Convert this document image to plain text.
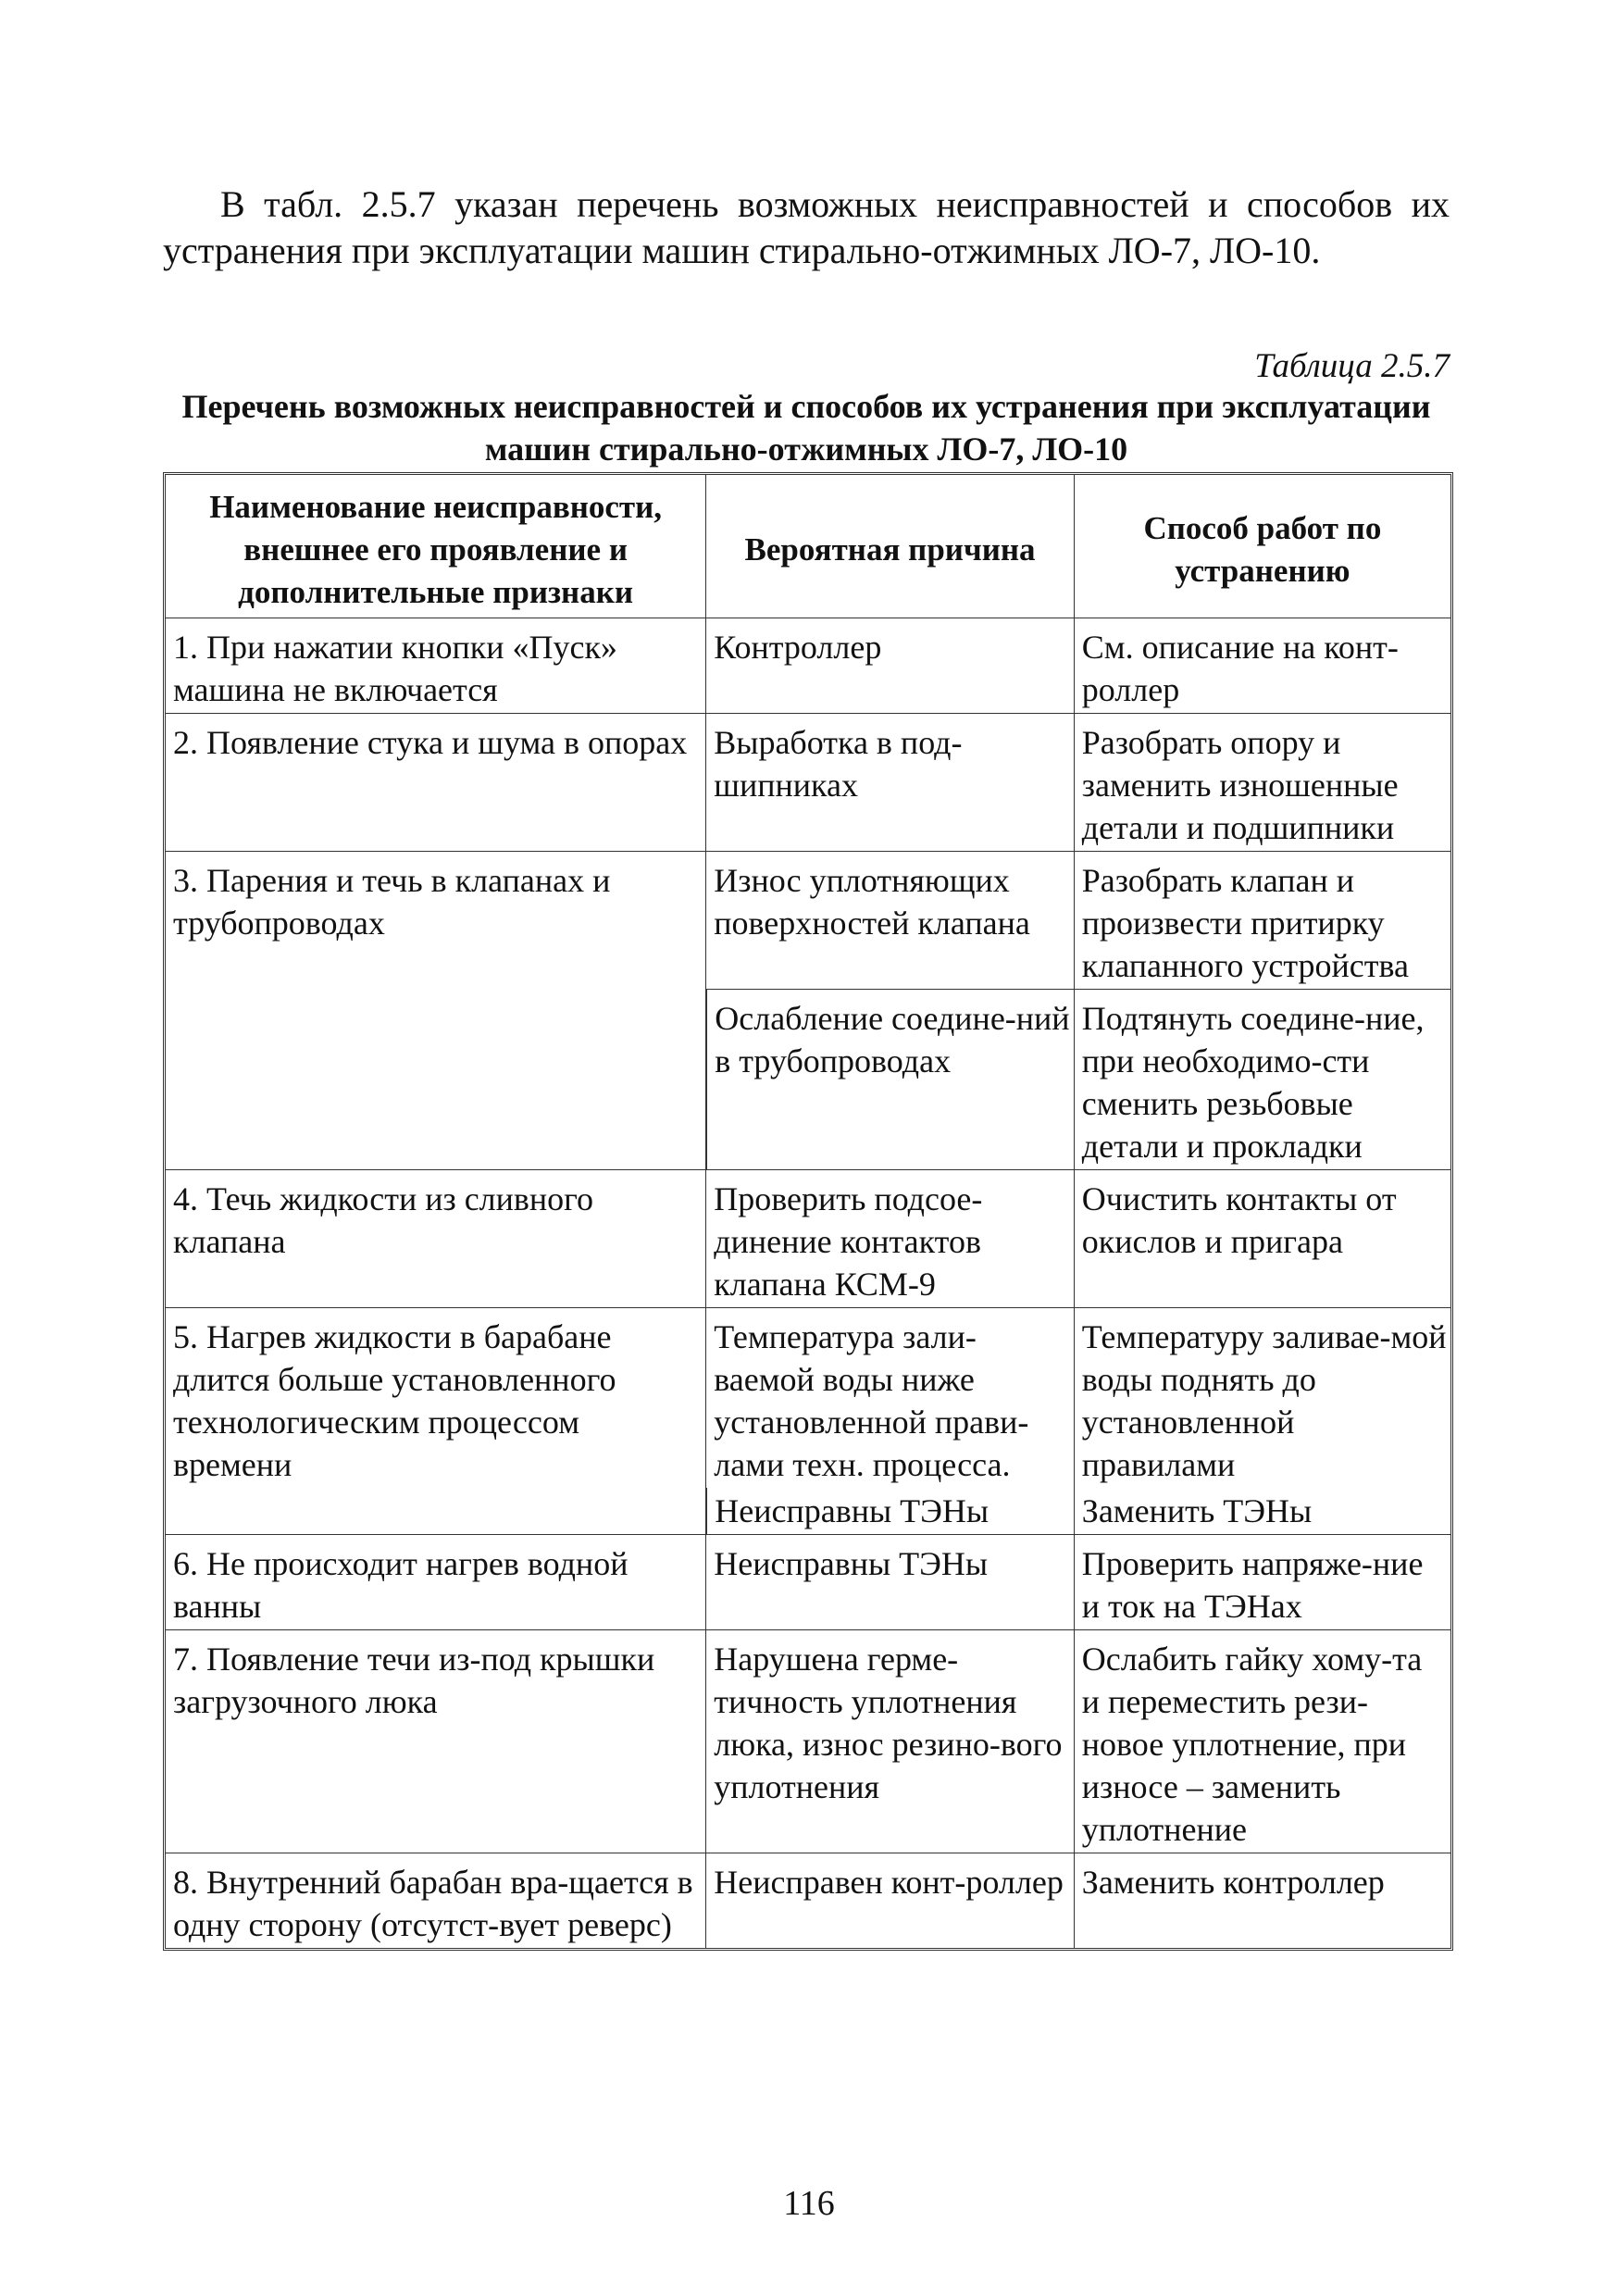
В табл. 2.5.7 указан перечень возможных неисправностей и способов их устранения при эксплуатации машин стирально-отжимных ЛО-7, ЛО-10.

Таблица 2.5.7

Перечень возможных неисправностей и способов их устранения при эксплуатации машин стирально-отжимных ЛО-7, ЛО-10

Наименование неисправности, внешнее его проявление и дополнительные признаки	Вероятная причина	Способ работ по устранению
1. При нажатии кнопки «Пуск» машина не включается	Контроллер	См. описание на конт-роллер
2. Появление стука и шума в опорах	Выработка в под-шипниках	Разобрать опору и заменить изношенные детали и подшипники
3. Парения и течь в клапанах и трубопроводах	Износ уплотняющих поверхностей клапана	Разобрать клапан и произвести притирку клапанного устройства
	Ослабление соедине-ний в трубопроводах	Подтянуть соедине-ние, при необходимо-сти сменить резьбовые детали и прокладки
4. Течь жидкости из сливного клапана	Проверить подсое-динение контактов клапана КСМ-9	Очистить контакты от окислов и пригара
5. Нагрев жидкости в барабане длится больше установленного технологическим процессом времени	Температура зали-ваемой воды ниже установленной прави-лами техн. процесса.	Температуру заливае-мой воды поднять до установленной правилами
	Неисправны ТЭНы	Заменить ТЭНы
6. Не происходит нагрев водной ванны	Неисправны ТЭНы	Проверить напряже-ние и ток на ТЭНах
7. Появление течи из-под крышки загрузочного люка	Нарушена герме-тичность уплотнения люка, износ резино-вого уплотнения	Ослабить гайку хому-та и переместить рези-новое уплотнение, при износе – заменить уплотнение
8. Внутренний барабан вра-щается в одну сторону (отсутст-вует реверс)	Неисправен конт-роллер	Заменить контроллер

116
